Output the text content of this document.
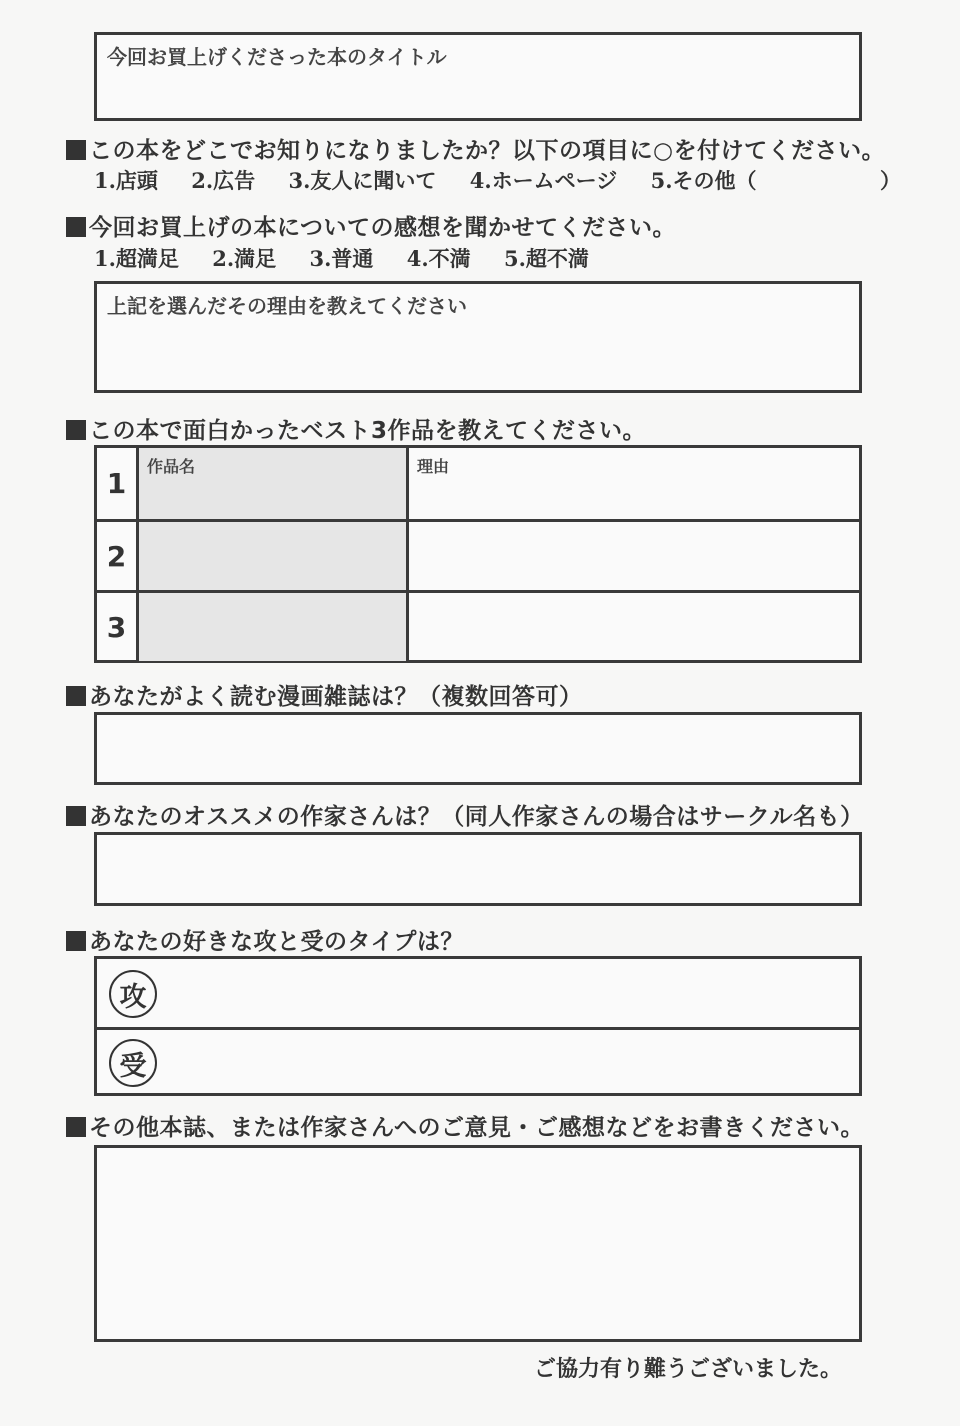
今回お買上げくださった本のタイトル
この本をどこでお知りになりましたか？以下の項目に○を付けてください。
1.店頭 2.広告 3.友人に聞いて 4.ホームページ 5.その他（	）
今回お買上げの本についての感想を聞かせてください。
1.超満足 2.満足 3.普通 4.不満 5.超不満
上記を選んだその理由を教えてください
この本で面白かったベスト3作品を教えてください。
1
作品名	理由
2
3
あなたがよく読む漫画雑誌は？（複数回答可）
あなたのオススメの作家さんは？（同人作家さんの場合はサークル名も）
あなたの好きな攻と受のタイプは？
攻
受
その他本誌、または作家さんへのご意見・ご感想などをお書きください。
ご協力有り難うございました。
